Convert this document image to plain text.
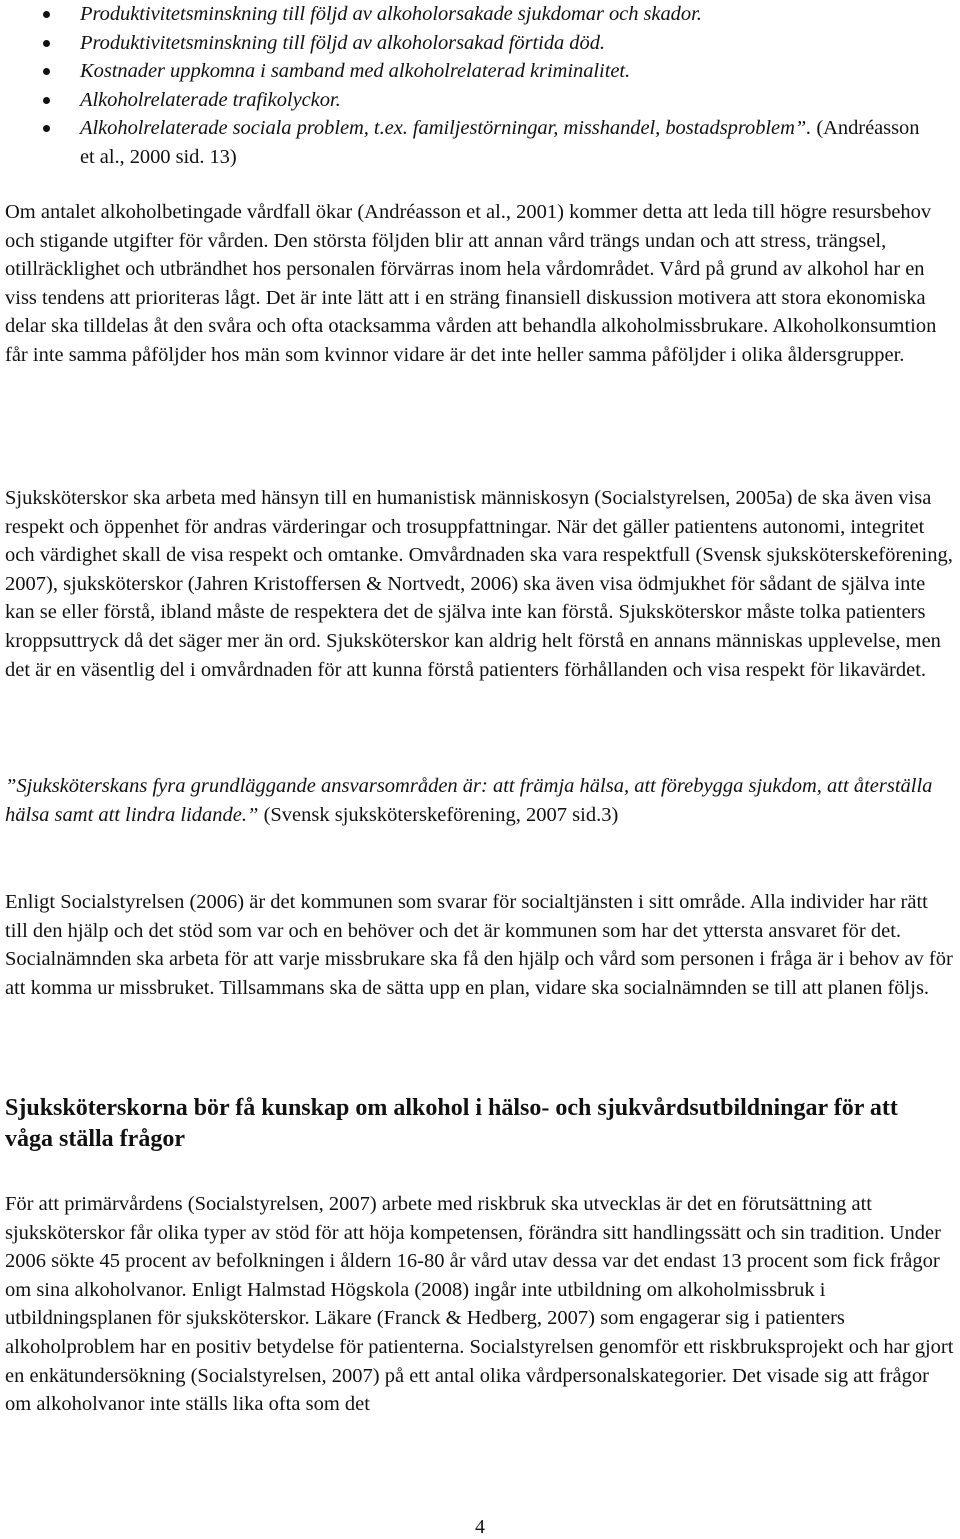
Produktivitetsminskning till följd av alkoholorsakade sjukdomar och skador.
Produktivitetsminskning till följd av alkoholorsakad förtida död.
Kostnader uppkomna i samband med alkoholrelaterad kriminalitet.
Alkoholrelaterade trafikolyckor.
Alkoholrelaterade sociala problem, t.ex. familjestörningar, misshandel, bostadsproblem”. (Andréasson et al., 2000 sid. 13)

Om antalet alkoholbetingade vårdfall ökar (Andréasson et al., 2001) kommer detta att leda till högre resursbehov och stigande utgifter för vården. Den största följden blir att annan vård trängs undan och att stress, trängsel, otillräcklighet och utbrändhet hos personalen förvärras inom hela vårdområdet. Vård på grund av alkohol har en viss tendens att prioriteras lågt. Det är inte lätt att i en sträng finansiell diskussion motivera att stora ekonomiska delar ska tilldelas åt den svåra och ofta otacksamma vården att behandla alkoholmissbrukare. Alkoholkonsumtion får inte samma påföljder hos män som kvinnor vidare är det inte heller samma påföljder i olika åldersgrupper.

Sjuksköterskor ska arbeta med hänsyn till en humanistisk människosyn (Socialstyrelsen, 2005a) de ska även visa respekt och öppenhet för andras värderingar och trosuppfattningar. När det gäller patientens autonomi, integritet och värdighet skall de visa respekt och omtanke. Omvårdnaden ska vara respektfull (Svensk sjuksköterskeförening, 2007), sjuksköterskor (Jahren Kristoffersen & Nortvedt, 2006) ska även visa ödmjukhet för sådant de själva inte kan se eller förstå, ibland måste de respektera det de själva inte kan förstå. Sjuksköterskor måste tolka patienters kroppsuttryck då det säger mer än ord. Sjuksköterskor kan aldrig helt förstå en annans människas upplevelse, men det är en väsentlig del i omvårdnaden för att kunna förstå patienters förhållanden och visa respekt för likavärdet.

”Sjuksköterskans fyra grundläggande ansvarsområden är: att främja hälsa, att förebygga sjukdom, att återställa hälsa samt att lindra lidande.” (Svensk sjuksköterskeförening, 2007 sid.3)

Enligt Socialstyrelsen (2006) är det kommunen som svarar för socialtjänsten i sitt område. Alla individer har rätt till den hjälp och det stöd som var och en behöver och det är kommunen som har det yttersta ansvaret för det. Socialnämnden ska arbeta för att varje missbrukare ska få den hjälp och vård som personen i fråga är i behov av för att komma ur missbruket. Tillsammans ska de sätta upp en plan, vidare ska socialnämnden se till att planen följs.

Sjuksköterskorna bör få kunskap om alkohol i hälso- och sjukvårdsutbildningar för att våga ställa frågor

För att primärvårdens (Socialstyrelsen, 2007) arbete med riskbruk ska utvecklas är det en förutsättning att sjuksköterskor får olika typer av stöd för att höja kompetensen, förändra sitt handlingssätt och sin tradition. Under 2006 sökte 45 procent av befolkningen i åldern 16-80 år vård utav dessa var det endast 13 procent som fick frågor om sina alkoholvanor. Enligt Halmstad Högskola (2008) ingår inte utbildning om alkoholmissbruk i utbildningsplanen för sjuksköterskor. Läkare (Franck & Hedberg, 2007) som engagerar sig i patienters alkoholproblem har en positiv betydelse för patienterna. Socialstyrelsen genomför ett riskbruksprojekt och har gjort en enkätundersökning (Socialstyrelsen, 2007) på ett antal olika vårdpersonalskategorier. Det visade sig att frågor om alkoholvanor inte ställs lika ofta som det

4
